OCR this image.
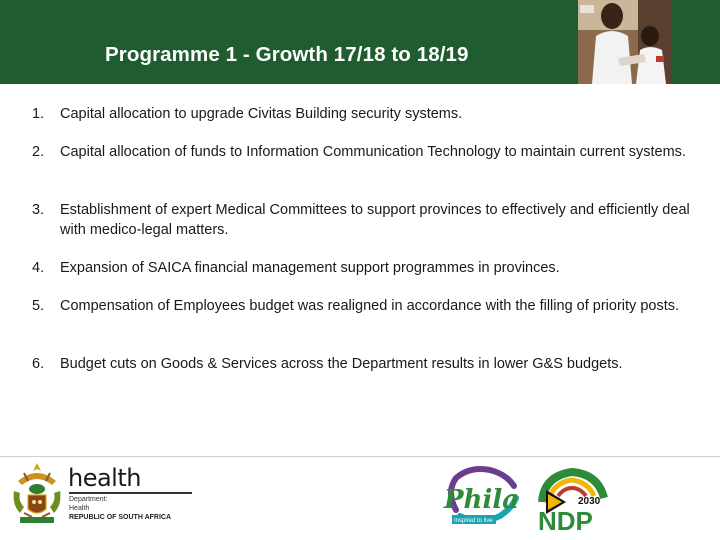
Programme 1 - Growth 17/18 to 18/19
1.	Capital allocation to upgrade Civitas Building security systems.
2.	Capital allocation of funds to Information Communication Technology to maintain current systems.
3.	Establishment of expert Medical Committees to support provinces to effectively and efficiently deal with medico-legal matters.
4.	Expansion of SAICA financial management support programmes in provinces.
5.	Compensation of Employees budget was realigned in accordance with the filling of priority posts.
6.	Budget cuts on Goods & Services across the Department results in lower G&S budgets.
health
Department:
Health
REPUBLIC OF SOUTH AFRICA
Phila
Inspired to live
2030
NDP
